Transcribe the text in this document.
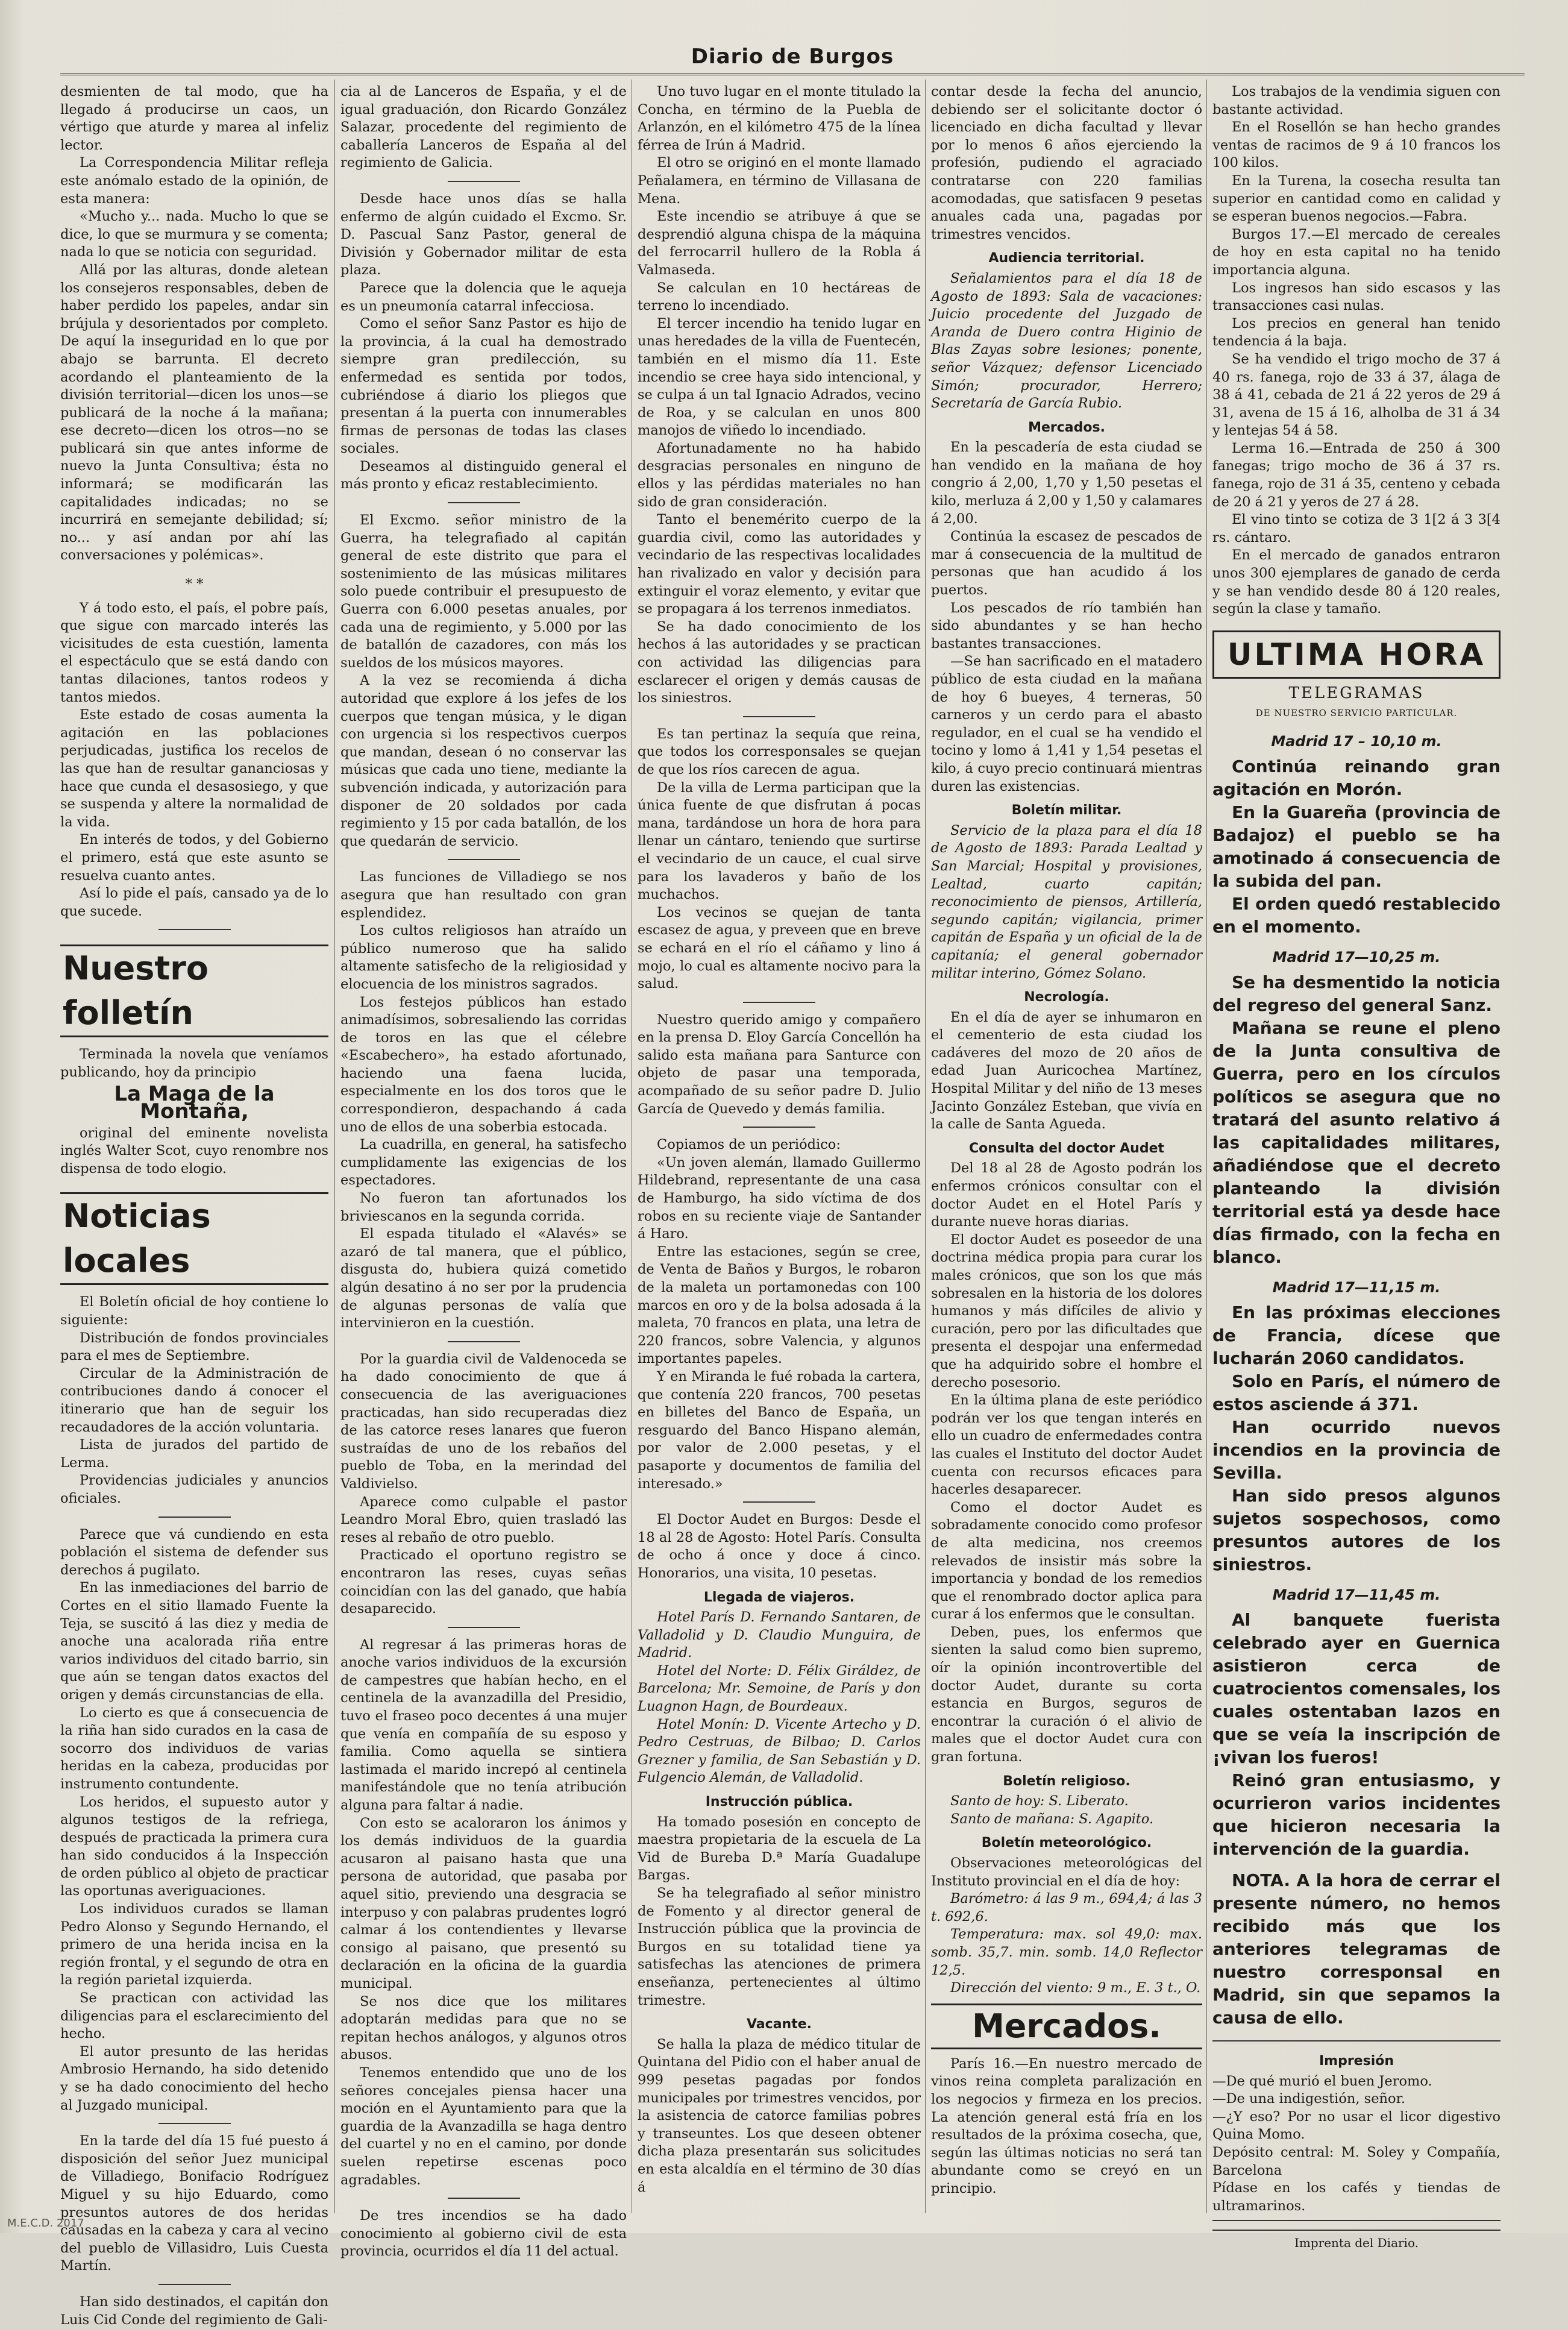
Diario de Burgos

desmienten de tal modo, que ha llegado á producirse un caos, un vértigo que aturde y marea al infeliz lector.

La Correspondencia Militar refleja este anómalo estado de la opinión, de esta manera:

«Mucho y... nada. Mucho lo que se dice, lo que se murmura y se comenta; nada lo que se noticia con seguridad.

Allá por las alturas, donde aletean los consejeros responsables, deben de haber perdido los papeles, andar sin brújula y desorientados por completo. De aquí la inseguridad en lo que por abajo se barrunta. El decreto acordando el planteamiento de la división territorial—dicen los unos—se publicará de la noche á la mañana; ese decreto—dicen los otros—no se publicará sin que antes informe de nuevo la Junta Consultiva; ésta no informará; se modificarán las capitalidades indicadas; no se incurrirá en semejante debilidad; sí; no... y así andan por ahí las conversaciones y polémicas».

* *

Y á todo esto, el país, el pobre país, que sigue con marcado interés las vicisitudes de esta cuestión, lamenta el espectáculo que se está dando con tantas dilaciones, tantos rodeos y tantos miedos.

Este estado de cosas aumenta la agitación en las poblaciones perjudicadas, justifica los recelos de las que han de resultar gananciosas y hace que cunda el desasosiego, y que se suspenda y altere la normalidad de la vida.

En interés de todos, y del Gobierno el primero, está que este asunto se resuelva cuanto antes.

Así lo pide el país, cansado ya de lo que sucede.

Nuestro folletín

Terminada la novela que veníamos publicando, hoy da principio

La Maga de la Montaña,

original del eminente novelista inglés Walter Scot, cuyo renombre nos dispensa de todo elogio.

Noticias locales

El Boletín oficial de hoy contiene lo siguiente:

Distribución de fondos provinciales para el mes de Septiembre.

Circular de la Administración de contribuciones dando á conocer el itinerario que han de seguir los recaudadores de la acción voluntaria.

Lista de jurados del partido de Lerma.

Providencias judiciales y anuncios oficiales.

Parece que vá cundiendo en esta población el sistema de defender sus derechos á pugilato.

En las inmediaciones del barrio de Cortes en el sitio llamado Fuente la Teja, se suscitó á las diez y media de anoche una acalorada riña entre varios individuos del citado barrio, sin que aún se tengan datos exactos del origen y demás circunstancias de ella.

Lo cierto es que á consecuencia de la riña han sido curados en la casa de socorro dos individuos de varias heridas en la cabeza, producidas por instrumento contundente.

Los heridos, el supuesto autor y algunos testigos de la refriega, después de practicada la primera cura han sido conducidos á la Inspección de orden público al objeto de practicar las oportunas averiguaciones.

Los individuos curados se llaman Pedro Alonso y Segundo Hernando, el primero de una herida incisa en la región frontal, y el segundo de otra en la región parietal izquierda.

Se practican con actividad las diligencias para el esclarecimiento del hecho.

El autor presunto de las heridas Ambrosio Hernando, ha sido detenido y se ha dado conocimiento del hecho al Juzgado municipal.

En la tarde del día 15 fué puesto á disposición del señor Juez municipal de Villadiego, Bonifacio Rodríguez Miguel y su hijo Eduardo, como presuntos autores de dos heridas causadas en la cabeza y cara al vecino del pueblo de Villasidro, Luis Cuesta Martín.

Han sido destinados, el capitán don Luis Cid Conde del regimiento de Gali-

cia al de Lanceros de España, y el de igual graduación, don Ricardo González Salazar, procedente del regimiento de caballería Lanceros de España al del regimiento de Galicia.

Desde hace unos días se halla enfermo de algún cuidado el Excmo. Sr. D. Pascual Sanz Pastor, general de División y Gobernador militar de esta plaza.

Parece que la dolencia que le aqueja es un pneumonía catarral infecciosa.

Como el señor Sanz Pastor es hijo de la provincia, á la cual ha demostrado siempre gran predilección, su enfermedad es sentida por todos, cubriéndose á diario los pliegos que presentan á la puerta con innumerables firmas de personas de todas las clases sociales.

Deseamos al distinguido general el más pronto y eficaz restablecimiento.

El Excmo. señor ministro de la Guerra, ha telegrafiado al capitán general de este distrito que para el sostenimiento de las músicas militares solo puede contribuir el presupuesto de Guerra con 6.000 pesetas anuales, por cada una de regimiento, y 5.000 por las de batallón de cazadores, con más los sueldos de los músicos mayores.

A la vez se recomienda á dicha autoridad que explore á los jefes de los cuerpos que tengan música, y le digan con urgencia si los respectivos cuerpos que mandan, desean ó no conservar las músicas que cada uno tiene, mediante la subvención indicada, y autorización para disponer de 20 soldados por cada regimiento y 15 por cada batallón, de los que quedarán de servicio.

Las funciones de Villadiego se nos asegura que han resultado con gran esplendidez.

Los cultos religiosos han atraído un público numeroso que ha salido altamente satisfecho de la religiosidad y elocuencia de los ministros sagrados.

Los festejos públicos han estado animadísimos, sobresaliendo las corridas de toros en las que el célebre «Escabechero», ha estado afortunado, haciendo una faena lucida, especialmente en los dos toros que le correspondieron, despachando á cada uno de ellos de una soberbia estocada.

La cuadrilla, en general, ha satisfecho cumplidamente las exigencias de los espectadores.

No fueron tan afortunados los briviescanos en la segunda corrida.

El espada titulado el «Alavés» se azaró de tal manera, que el público, disgusta do, hubiera quizá cometido algún desatino á no ser por la prudencia de algunas personas de valía que intervinieron en la cuestión.

Por la guardia civil de Valdenoceda se ha dado conocimiento de que á consecuencia de las averiguaciones practicadas, han sido recuperadas diez de las catorce reses lanares que fueron sustraídas de uno de los rebaños del pueblo de Toba, en la merindad del Valdivielso.

Aparece como culpable el pastor Leandro Moral Ebro, quien trasladó las reses al rebaño de otro pueblo.

Practicado el oportuno registro se encontraron las reses, cuyas señas coincidían con las del ganado, que había desaparecido.

Al regresar á las primeras horas de anoche varios individuos de la excursión de campestres que habían hecho, en el centinela de la avanzadilla del Presidio, tuvo el fraseo poco decentes á una mujer que venía en compañía de su esposo y familia. Como aquella se sintiera lastimada el marido increpó al centinela manifestándole que no tenía atribución alguna para faltar á nadie.

Con esto se acaloraron los ánimos y los demás individuos de la guardia acusaron al paisano hasta que una persona de autoridad, que pasaba por aquel sitio, previendo una desgracia se interpuso y con palabras prudentes logró calmar á los contendientes y llevarse consigo al paisano, que presentó su declaración en la oficina de la guardia municipal.

Se nos dice que los militares adoptarán medidas para que no se repitan hechos análogos, y algunos otros abusos.

Tenemos entendido que uno de los señores concejales piensa hacer una moción en el Ayuntamiento para que la guardia de la Avanzadilla se haga dentro del cuartel y no en el camino, por donde suelen repetirse escenas poco agradables.

De tres incendios se ha dado conocimiento al gobierno civil de esta provincia, ocurridos el día 11 del actual.

Uno tuvo lugar en el monte titulado la Concha, en término de la Puebla de Arlanzón, en el kilómetro 475 de la línea férrea de Irún á Madrid.

El otro se originó en el monte llamado Peñalamera, en término de Villasana de Mena.

Este incendio se atribuye á que se desprendió alguna chispa de la máquina del ferrocarril hullero de la Robla á Valmaseda.

Se calculan en 10 hectáreas de terreno lo incendiado.

El tercer incendio ha tenido lugar en unas heredades de la villa de Fuentecén, también en el mismo día 11. Este incendio se cree haya sido intencional, y se culpa á un tal Ignacio Adrados, vecino de Roa, y se calculan en unos 800 manojos de viñedo lo incendiado.

Afortunadamente no ha habido desgracias personales en ninguno de ellos y las pérdidas materiales no han sido de gran consideración.

Tanto el benemérito cuerpo de la guardia civil, como las autoridades y vecindario de las respectivas localidades han rivalizado en valor y decisión para extinguir el voraz elemento, y evitar que se propagara á los terrenos inmediatos.

Se ha dado conocimiento de los hechos á las autoridades y se practican con actividad las diligencias para esclarecer el origen y demás causas de los siniestros.

Es tan pertinaz la sequía que reina, que todos los corresponsales se quejan de que los ríos carecen de agua.

De la villa de Lerma participan que la única fuente de que disfrutan á pocas mana, tardándose un hora de hora para llenar un cántaro, teniendo que surtirse el vecindario de un cauce, el cual sirve para los lavaderos y baño de los muchachos.

Los vecinos se quejan de tanta escasez de agua, y preveen que en breve se echará en el río el cáñamo y lino á mojo, lo cual es altamente nocivo para la salud.

Nuestro querido amigo y compañero en la prensa D. Eloy García Concellón ha salido esta mañana para Santurce con objeto de pasar una temporada, acompañado de su señor padre D. Julio García de Quevedo y demás familia.

Copiamos de un periódico:

«Un joven alemán, llamado Guillermo Hildebrand, representante de una casa de Hamburgo, ha sido víctima de dos robos en su reciente viaje de Santander á Haro.

Entre las estaciones, según se cree, de Venta de Baños y Burgos, le robaron de la maleta un portamonedas con 100 marcos en oro y de la bolsa adosada á la maleta, 70 francos en plata, una letra de 220 francos, sobre Valencia, y algunos importantes papeles.

Y en Miranda le fué robada la cartera, que contenía 220 francos, 700 pesetas en billetes del Banco de España, un resguardo del Banco Hispano alemán, por valor de 2.000 pesetas, y el pasaporte y documentos de familia del interesado.»

El Doctor Audet en Burgos: Desde el 18 al 28 de Agosto: Hotel París. Consulta de ocho á once y doce á cinco. Honorarios, una visita, 10 pesetas.

Llegada de viajeros.

Hotel París D. Fernando Santaren, de Valladolid y D. Claudio Munguira, de Madrid.

Hotel del Norte: D. Félix Giráldez, de Barcelona; Mr. Semoine, de París y don Luagnon Hagn, de Bourdeaux.

Hotel Monín: D. Vicente Artecho y D. Pedro Cestruas, de Bilbao; D. Carlos Grezner y familia, de San Sebastián y D. Fulgencio Alemán, de Valladolid.

Instrucción pública.

Ha tomado posesión en concepto de maestra propietaria de la escuela de La Vid de Bureba D.ª María Guadalupe Bargas.

Se ha telegrafiado al señor ministro de Fomento y al director general de Instrucción pública que la provincia de Burgos en su totalidad tiene ya satisfechas las atenciones de primera enseñanza, pertenecientes al último trimestre.

Vacante.

Se halla la plaza de médico titular de Quintana del Pidio con el haber anual de 999 pesetas pagadas por fondos municipales por trimestres vencidos, por la asistencia de catorce familias pobres y transeuntes. Los que deseen obtener dicha plaza presentarán sus solicitudes en esta alcaldía en el término de 30 días á

contar desde la fecha del anuncio, debiendo ser el solicitante doctor ó licenciado en dicha facultad y llevar por lo menos 6 años ejerciendo la profesión, pudiendo el agraciado contratarse con 220 familias acomodadas, que satisfacen 9 pesetas anuales cada una, pagadas por trimestres vencidos.

Audiencia territorial.

Señalamientos para el día 18 de Agosto de 1893: Sala de vacaciones: Juicio procedente del Juzgado de Aranda de Duero contra Higinio de Blas Zayas sobre lesiones; ponente, señor Vázquez; defensor Licenciado Simón; procurador, Herrero; Secretaría de García Rubio.

Mercados.

En la pescadería de esta ciudad se han vendido en la mañana de hoy congrio á 2,00, 1,70 y 1,50 pesetas el kilo, merluza á 2,00 y 1,50 y calamares á 2,00.

Continúa la escasez de pescados de mar á consecuencia de la multitud de personas que han acudido á los puertos.

Los pescados de río también han sido abundantes y se han hecho bastantes transacciones.

—Se han sacrificado en el matadero público de esta ciudad en la mañana de hoy 6 bueyes, 4 terneras, 50 carneros y un cerdo para el abasto regulador, en el cual se ha vendido el tocino y lomo á 1,41 y 1,54 pesetas el kilo, á cuyo precio continuará mientras duren las existencias.

Boletín militar.

Servicio de la plaza para el día 18 de Agosto de 1893: Parada Lealtad y San Marcial; Hospital y provisiones, Lealtad, cuarto capitán; reconocimiento de piensos, Artillería, segundo capitán; vigilancia, primer capitán de España y un oficial de la de capitanía; el general gobernador militar interino, Gómez Solano.

Necrología.

En el día de ayer se inhumaron en el cementerio de esta ciudad los cadáveres del mozo de 20 años de edad Juan Auricochea Martínez, Hospital Militar y del niño de 13 meses Jacinto González Esteban, que vivía en la calle de Santa Agueda.

Consulta del doctor Audet

Del 18 al 28 de Agosto podrán los enfermos crónicos consultar con el doctor Audet en el Hotel París y durante nueve horas diarias.

El doctor Audet es poseedor de una doctrina médica propia para curar los males crónicos, que son los que más sobresalen en la historia de los dolores humanos y más difíciles de alivio y curación, pero por las dificultades que presenta el despojar una enfermedad que ha adquirido sobre el hombre el derecho posesorio.

En la última plana de este periódico podrán ver los que tengan interés en ello un cuadro de enfermedades contra las cuales el Instituto del doctor Audet cuenta con recursos eficaces para hacerles desaparecer.

Como el doctor Audet es sobradamente conocido como profesor de alta medicina, nos creemos relevados de insistir más sobre la importancia y bondad de los remedios que el renombrado doctor aplica para curar á los enfermos que le consultan.

Deben, pues, los enfermos que sienten la salud como bien supremo, oír la opinión incontrovertible del doctor Audet, durante su corta estancia en Burgos, seguros de encontrar la curación ó el alivio de males que el doctor Audet cura con gran fortuna.

Boletín religioso.

Santo de hoy: S. Liberato.

Santo de mañana: S. Agapito.

Boletín meteorológico.

Observaciones meteorológicas del Instituto provincial en el día de hoy:

Barómetro: á las 9 m., 694,4; á las 3 t. 692,6.

Temperatura: max. sol 49,0: max. somb. 35,7. min. somb. 14,0 Reflector 12,5.

Dirección del viento: 9 m., E. 3 t., O.

Mercados.

París 16.—En nuestro mercado de vinos reina completa paralización en los negocios y firmeza en los precios. La atención general está fría en los resultados de la próxima cosecha, que, según las últimas noticias no será tan abundante como se creyó en un principio.

Los trabajos de la vendimia siguen con bastante actividad.

En el Rosellón se han hecho grandes ventas de racimos de 9 á 10 francos los 100 kilos.

En la Turena, la cosecha resulta tan superior en cantidad como en calidad y se esperan buenos negocios.—Fabra.

Burgos 17.—El mercado de cereales de hoy en esta capital no ha tenido importancia alguna.

Los ingresos han sido escasos y las transacciones casi nulas.

Los precios en general han tenido tendencia á la baja.

Se ha vendido el trigo mocho de 37 á 40 rs. fanega, rojo de 33 á 37, álaga de 38 á 41, cebada de 21 á 22 yeros de 29 á 31, avena de 15 á 16, alholba de 31 á 34 y lentejas 54 á 58.

Lerma 16.—Entrada de 250 á 300 fanegas; trigo mocho de 36 á 37 rs. fanega, rojo de 31 á 35, centeno y cebada de 20 á 21 y yeros de 27 á 28.

El vino tinto se cotiza de 3 1[2 á 3 3[4 rs. cántaro.

En el mercado de ganados entraron unos 300 ejemplares de ganado de cerda y se han vendido desde 80 á 120 reales, según la clase y tamaño.

ULTIMA HORA
TELEGRAMAS
DE NUESTRO SERVICIO PARTICULAR.
Madrid 17 – 10,10 m.

Continúa reinando gran agitación en Morón.

En la Guareña (provincia de Badajoz) el pueblo se ha amotinado á consecuencia de la subida del pan.

El orden quedó restablecido en el momento.

Madrid 17—10,25 m.

Se ha desmentido la noticia del regreso del general Sanz.

Mañana se reune el pleno de la Junta consultiva de Guerra, pero en los círculos políticos se asegura que no tratará del asunto relativo á las capitalidades militares, añadiéndose que el decreto planteando la división territorial está ya desde hace días firmado, con la fecha en blanco.

Madrid 17—11,15 m.

En las próximas elecciones de Francia, dícese que lucharán 2060 candidatos.

Solo en París, el número de estos asciende á 371.

Han ocurrido nuevos incendios en la provincia de Sevilla.

Han sido presos algunos sujetos sospechosos, como presuntos autores de los siniestros.

Madrid 17—11,45 m.

Al banquete fuerista celebrado ayer en Guernica asistieron cerca de cuatrocientos comensales, los cuales ostentaban lazos en que se veía la inscripción de ¡vivan los fueros!

Reinó gran entusiasmo, y ocurrieron varios incidentes que hicieron necesaria la intervención de la guardia.

NOTA. A la hora de cerrar el presente número, no hemos recibido más que los anteriores telegramas de nuestro corresponsal en Madrid, sin que sepamos la causa de ello.

Impresión

—De qué murió el buen Jeromo.

—De una indigestión, señor.

—¿Y eso? Por no usar el licor digestivo Quina Momo.

Depósito central: M. Soley y Compañía, Barcelona

Pídase en los cafés y tiendas de ultramarinos.

Imprenta del Diario.
M.E.C.D. 2017
